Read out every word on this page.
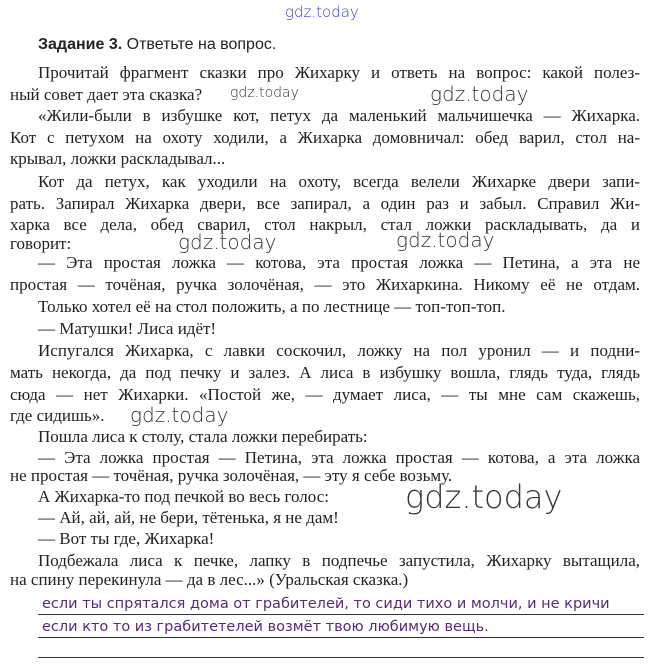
gdz.today
gdz.today	gdz.today
gdz.today	gdz.today
gdz.today
gdz.today
Задание 3. Ответьте на вопрос.
Прочитай фрагмент сказки про Жихарку и ответь на вопрос: какой полез-
ный совет дает эта сказка?
«Жили-были в избушке кот, петух да маленький мальчишечка — Жихарка.
Кот с петухом на охоту ходили, а Жихарка домовничал: обед варил, стол на-
крывал, ложки раскладывал...
Кот да петух, как уходили на охоту, всегда велели Жихарке двери запи-
рать. Запирал Жихарка двери, все запирал, а один раз и забыл. Справил Жи-
харка все дела, обед сварил, стол накрыл, стал ложки раскладывать, да и
говорит:
— Эта простая ложка — котова, эта простая ложка — Петина, а эта не
простая — точёная, ручка золочёная, — это Жихаркина. Никому её не отдам.
Только хотел её на стол положить, а по лестнице — топ-топ-топ.
— Матушки! Лиса идёт!
Испугался Жихарка, с лавки соскочил, ложку на пол уронил — и подни-
мать некогда, да под печку и залез. А лиса в избушку вошла, глядь туда, глядь
сюда — нет Жихарки. «Постой же, — думает лиса, — ты мне сам скажешь,
где сидишь».
Пошла лиса к столу, стала ложки перебирать:
— Эта ложка простая — Петина, эта ложка простая — котова, а эта ложка
не простая — точёная, ручка золочёная, — эту я себе возьму.
А Жихарка-то под печкой во весь голос:
— Ай, ай, ай, не бери, тётенька, я не дам!
— Вот ты где, Жихарка!
Подбежала лиса к печке, лапку в подпечье запустила, Жихарку вытащила,
на спину перекинула — да в лес...» (Уральская сказка.)
если ты спрятался дома от грабителей, то сиди тихо и молчи, и не кричи
если кто то из грабитетелей возмёт твою любимую вещь.
